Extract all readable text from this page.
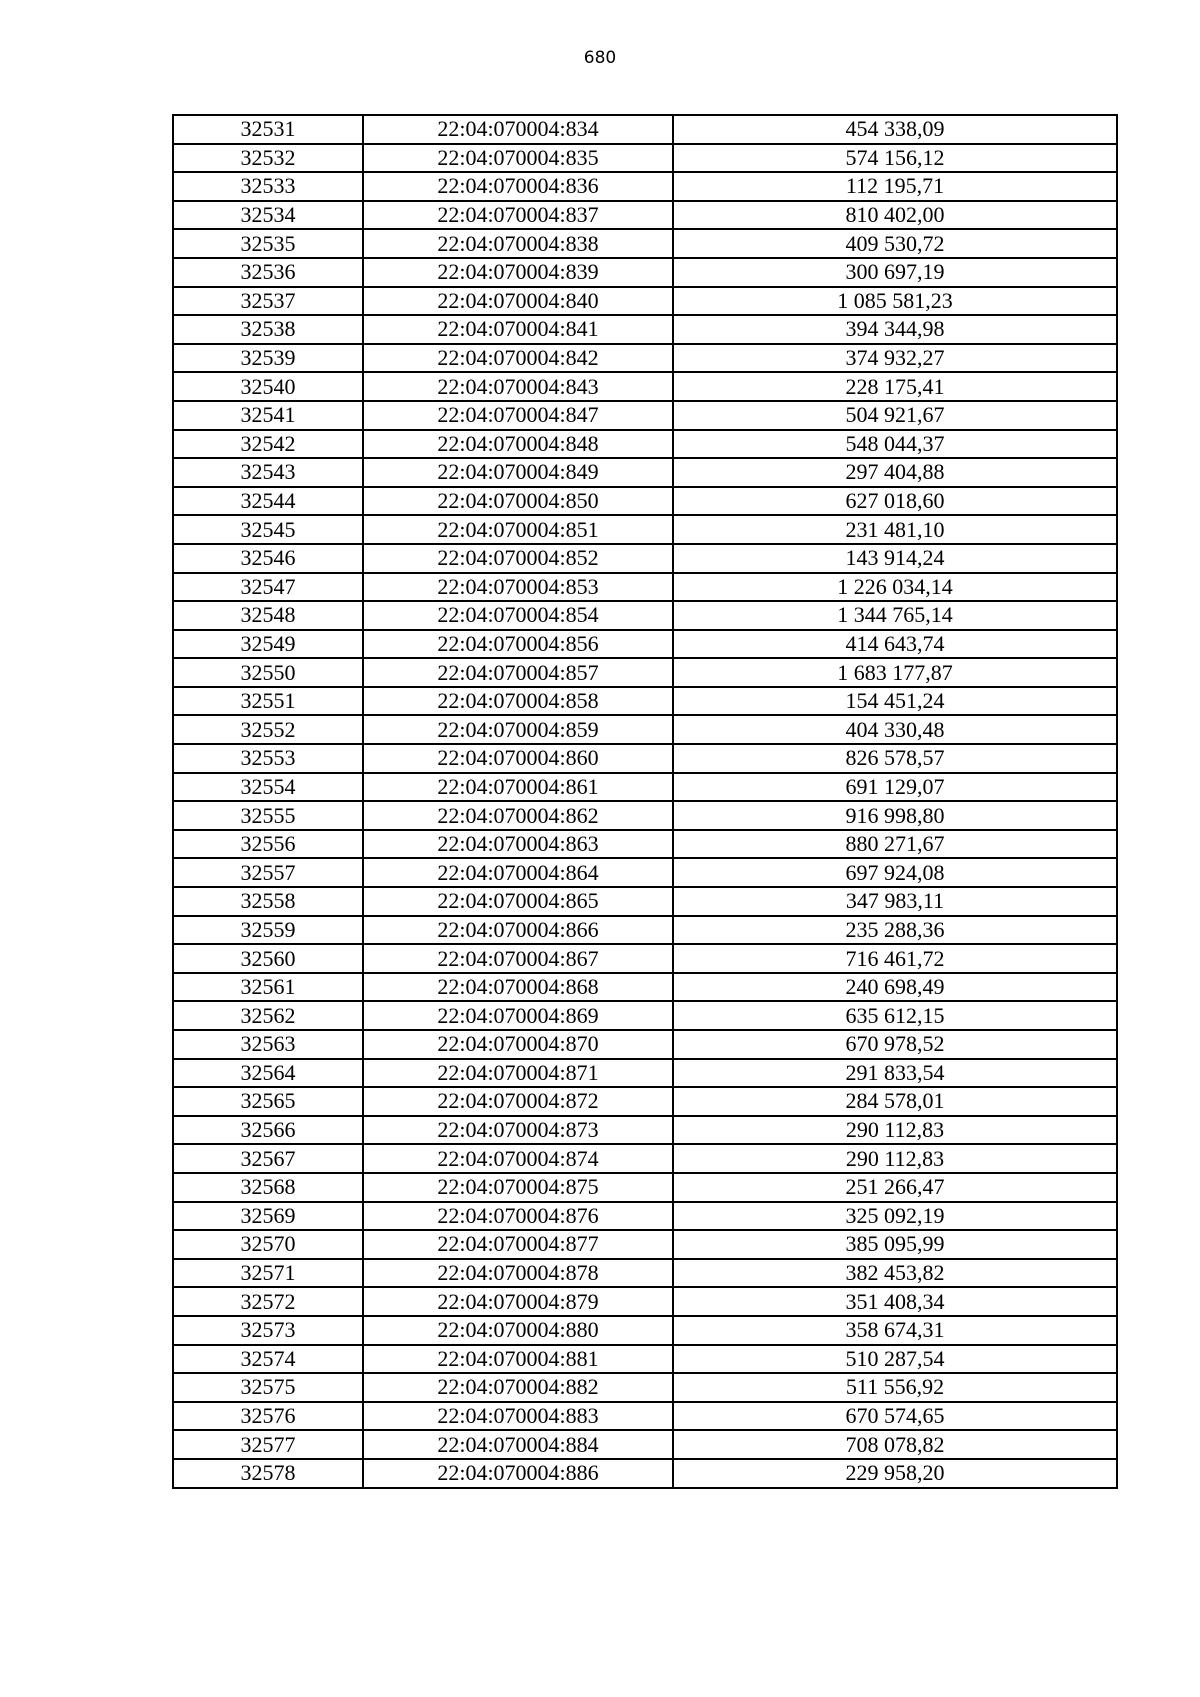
680
32531	22:04:070004:834	454 338,09
32532	22:04:070004:835	574 156,12
32533	22:04:070004:836	112 195,71
32534	22:04:070004:837	810 402,00
32535	22:04:070004:838	409 530,72
32536	22:04:070004:839	300 697,19
32537	22:04:070004:840	1 085 581,23
32538	22:04:070004:841	394 344,98
32539	22:04:070004:842	374 932,27
32540	22:04:070004:843	228 175,41
32541	22:04:070004:847	504 921,67
32542	22:04:070004:848	548 044,37
32543	22:04:070004:849	297 404,88
32544	22:04:070004:850	627 018,60
32545	22:04:070004:851	231 481,10
32546	22:04:070004:852	143 914,24
32547	22:04:070004:853	1 226 034,14
32548	22:04:070004:854	1 344 765,14
32549	22:04:070004:856	414 643,74
32550	22:04:070004:857	1 683 177,87
32551	22:04:070004:858	154 451,24
32552	22:04:070004:859	404 330,48
32553	22:04:070004:860	826 578,57
32554	22:04:070004:861	691 129,07
32555	22:04:070004:862	916 998,80
32556	22:04:070004:863	880 271,67
32557	22:04:070004:864	697 924,08
32558	22:04:070004:865	347 983,11
32559	22:04:070004:866	235 288,36
32560	22:04:070004:867	716 461,72
32561	22:04:070004:868	240 698,49
32562	22:04:070004:869	635 612,15
32563	22:04:070004:870	670 978,52
32564	22:04:070004:871	291 833,54
32565	22:04:070004:872	284 578,01
32566	22:04:070004:873	290 112,83
32567	22:04:070004:874	290 112,83
32568	22:04:070004:875	251 266,47
32569	22:04:070004:876	325 092,19
32570	22:04:070004:877	385 095,99
32571	22:04:070004:878	382 453,82
32572	22:04:070004:879	351 408,34
32573	22:04:070004:880	358 674,31
32574	22:04:070004:881	510 287,54
32575	22:04:070004:882	511 556,92
32576	22:04:070004:883	670 574,65
32577	22:04:070004:884	708 078,82
32578	22:04:070004:886	229 958,20
